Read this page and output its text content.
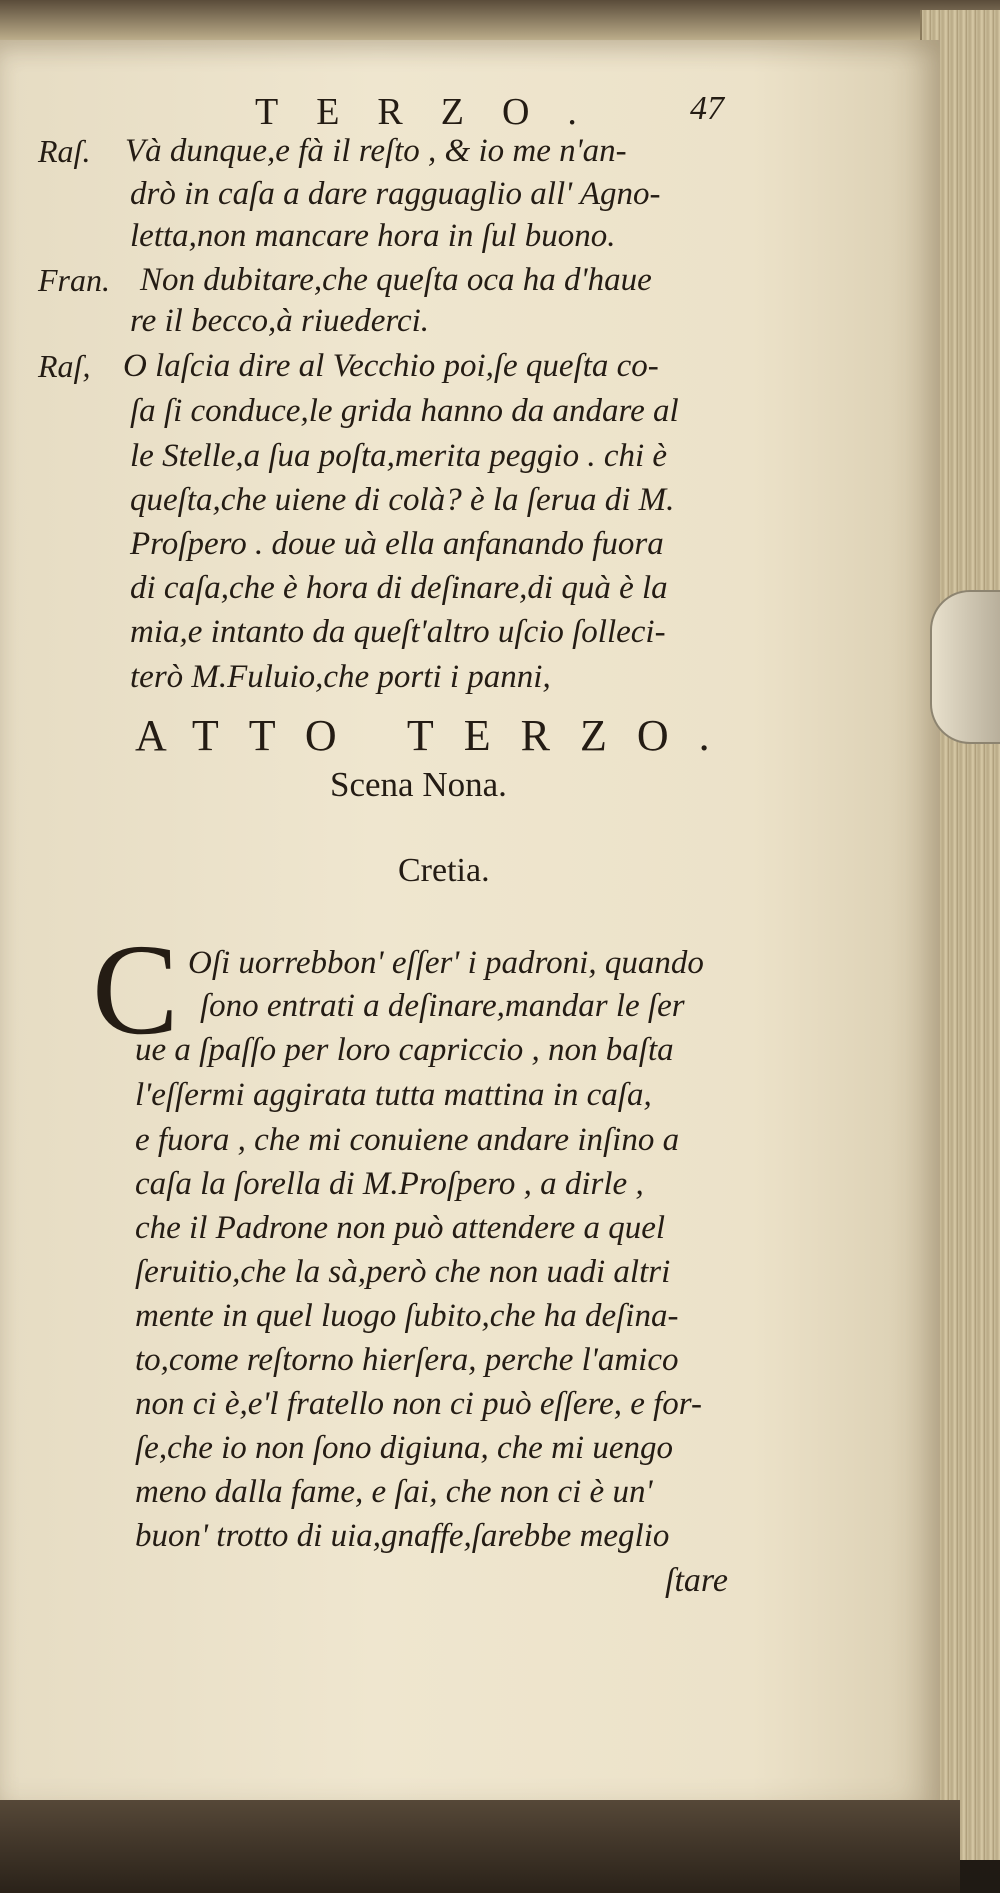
TERZO. 47
Raſ. Và dunque,e fà il reſto , & io me n'an-
drò in caſa a dare ragguaglio all' Agno-
letta,non mancare hora in ſul buono.
Fran. Non dubitare,che queſta oca ha d'haue
re il becco,à riuederci.
Raſ, O laſcia dire al Vecchio poi,ſe queſta co-
ſa ſi conduce,le grida hanno da andare al
le Stelle,a ſua poſta,merita peggio . chi è
queſta,che uiene di colà? è la ſerua di M.
Proſpero . doue uà ella anfanando fuora
di caſa,che è hora di deſinare,di quà è la
mia,e intanto da queſt'altro uſcio ſolleci-
terò M.Fuluio,che porti i panni,
ATTO TERZO.
Scena Nona.
Cretia.
C Oſi uorrebbon' eſſer' i padroni, quando
ſono entrati a deſinare,mandar le ſer
ue a ſpaſſo per loro capriccio , non baſta
l'eſſermi aggirata tutta mattina in caſa,
e fuora , che mi conuiene andare inſino a
caſa la ſorella di M.Proſpero , a dirle ,
che il Padrone non può attendere a quel
ſeruitio,che la sà,però che non uadi altri
mente in quel luogo ſubito,che ha deſina-
to,come reſtorno hierſera, perche l'amico
non ci è,e'l fratello non ci può eſſere, e for-
ſe,che io non ſono digiuna, che mi uengo
meno dalla fame, e ſai, che non ci è un'
buon' trotto di uia,gnaffe,ſarebbe meglio
ſtare
